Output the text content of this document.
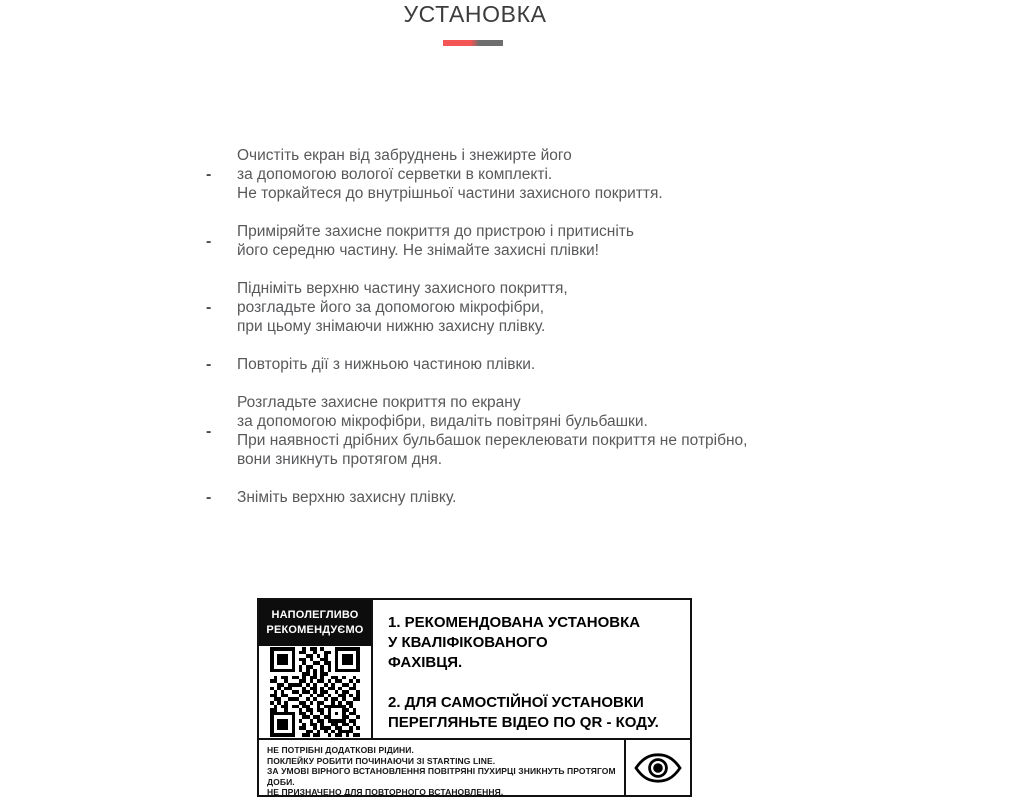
УСТАНОВКА
-
Очистіть екран від забруднень і знежирте його
за допомогою вологої серветки в комплекті.
Не торкайтеся до внутрішньої частини захисного покриття.
-
Приміряйте захисне покриття до пристрою і притисніть
його середню частину. Не знімайте захисні плівки!
-
Підніміть верхню частину захисного покриття,
розгладьте його за допомогою мікрофібри,
при цьому знімаючи нижню захисну плівку.
-	Повторіть дії з нижньою частиною плівки.
-
Розгладьте захисне покриття по екрану
за допомогою мікрофібри, видаліть повітряні бульбашки.
При наявності дрібних бульбашок переклеювати покриття не потрібно,
вони зникнуть протягом дня.
-	Зніміть верхню захисну плівку.
НАПОЛЕГЛИВО
РЕКОМЕНДУЄМО	1. РЕКОМЕНДОВАНА УСТАНОВКА
У КВАЛІФІКОВАНОГО
ФАХІВЦЯ.
2. ДЛЯ САМОСТІЙНОЇ УСТАНОВКИ
ПЕРЕГЛЯНЬТЕ ВІДЕО ПО QR - КОДУ.
НЕ ПОТРІБНІ ДОДАТКОВІ РІДИНИ.
ПОКЛЕЙКУ РОБИТИ ПОЧИНАЮЧИ ЗІ STARTING LINE.
ЗА УМОВІ ВІРНОГО ВСТАНОВЛЕННЯ ПОВІТРЯНІ ПУХИРЦІ ЗНИКНУТЬ ПРОТЯГОМ ДОБИ.
НЕ ПРИЗНАЧЕНО ДЛЯ ПОВТОРНОГО ВСТАНОВЛЕННЯ.
